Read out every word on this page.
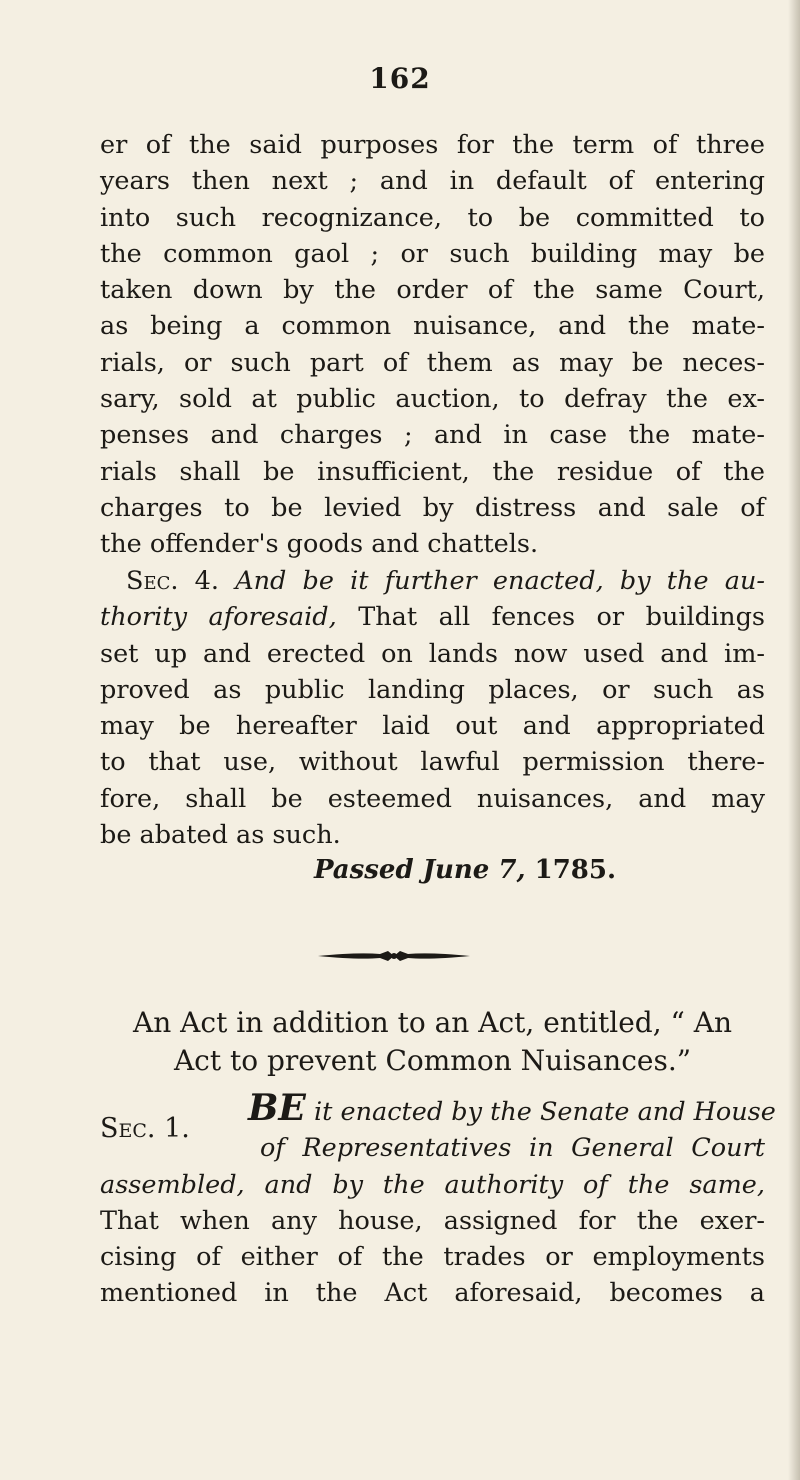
162
er of the said purposes for the term of three
years then next ; and in default of entering
into such recognizance, to be committed to
the common gaol ; or such building may be
taken down by the order of the same Court,
as being a common nuisance, and the mate-
rials, or such part of them as may be neces-
sary, sold at public auction, to defray the ex-
penses and charges ; and in case the mate-
rials shall be insufficient, the residue of the
charges to be levied by distress and sale of
the offender's goods and chattels.
Sec. 4. And be it further enacted, by the au-
thority aforesaid, That all fences or buildings
set up and erected on lands now used and im-
proved as public landing places, or such as
may be hereafter laid out and appropriated
to that use, without lawful permission there-
fore, shall be esteemed nuisances, and may
be abated as such.
Passed June 7, 1785.
An Act in addition to an Act, entitled, “ An
Act to prevent Common Nuisances.”
Sec. 1.	BE it enacted by the Senate and House
of Representatives in General Court
assembled, and by the authority of the same,
That when any house, assigned for the exer-
cising of either of the trades or employments
mentioned in the Act aforesaid, becomes a
